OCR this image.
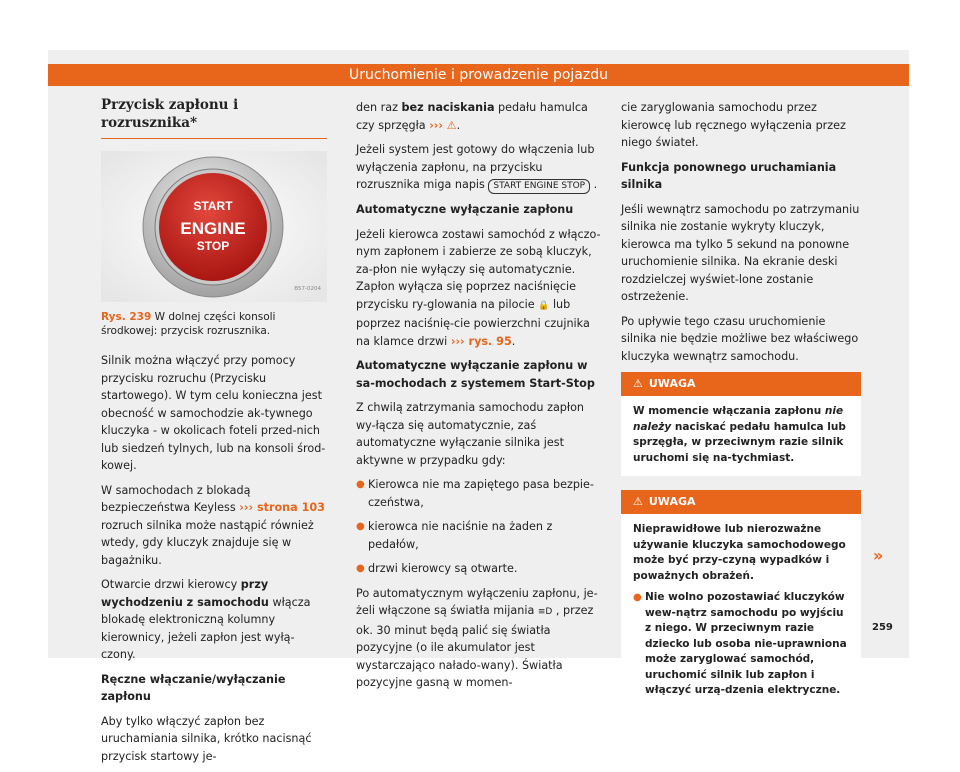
Uruchomienie i prowadzenie pojazdu
Przycisk zapłonu i rozrusznika*
START
ENGINE
STOP
B57-0204

Rys. 239 W dolnej części konsoli środkowej: przycisk rozrusznika.

Silnik można włączyć przy pomocy przycisku rozruchu (Przycisku startowego). W tym celu konieczna jest obecność w samochodzie ak-tywnego kluczyka - w okolicach foteli przed-nich lub siedzeń tylnych, lub na konsoli środ-kowej.

W samochodach z blokadą bezpieczeństwa Keyless ››› strona 103 rozruch silnika może nastąpić również wtedy, gdy kluczyk znajduje się w bagażniku.

Otwarcie drzwi kierowcy przy wychodzeniu z samochodu włącza blokadę elektroniczną kolumny kierownicy, jeżeli zapłon jest wyłą-czony.

Ręczne włączanie/wyłączanie zapłonu

Aby tylko włączyć zapłon bez uruchamiania silnika, krótko nacisnąć przycisk startowy je-

den raz bez naciskania pedału hamulca czy sprzęgła ››› ⚠.

Jeżeli system jest gotowy do włączenia lub wyłączenia zapłonu, na przycisku rozrusznika miga napis START ENGINE STOP .

Automatyczne wyłączanie zapłonu

Jeżeli kierowca zostawi samochód z włączo-nym zapłonem i zabierze ze sobą kluczyk, za-płon nie wyłączy się automatycznie. Zapłon wyłącza się poprzez naciśnięcie przycisku ry-glowania na pilocie 🔒 lub poprzez naciśnię-cie powierzchni czujnika na klamce drzwi ››› rys. 95.

Automatyczne wyłączanie zapłonu w sa-mochodach z systemem Start-Stop

Z chwilą zatrzymania samochodu zapłon wy-łącza się automatycznie, zaś automatyczne wyłączanie silnika jest aktywne w przypadku gdy:

● Kierowca nie ma zapiętego pasa bezpie-czeństwa,
● kierowca nie naciśnie na żaden z pedałów,
● drzwi kierowcy są otwarte.

Po automatycznym wyłączeniu zapłonu, je-żeli włączone są światła mijania ≡D , przez ok. 30 minut będą palić się światła pozycyjne (o ile akumulator jest wystarczająco nałado-wany). Światła pozycyjne gasną w momen-

cie zaryglowania samochodu przez kierowcę lub ręcznego wyłączenia przez niego świateł.

Funkcja ponownego uruchamiania silnika

Jeśli wewnątrz samochodu po zatrzymaniu silnika nie zostanie wykryty kluczyk, kierowca ma tylko 5 sekund na ponowne uruchomienie silnika. Na ekranie deski rozdzielczej wyświet-lone zostanie ostrzeżenie.

Po upływie tego czasu uruchomienie silnika nie będzie możliwe bez właściwego kluczyka wewnątrz samochodu.

⚠ UWAGA
W momencie włączania zapłonu nie należy naciskać pedału hamulca lub sprzęgła, w przeciwnym razie silnik uruchomi się na-tychmiast.
⚠ UWAGA
Nieprawidłowe lub nierozważne używanie kluczyka samochodowego może być przy-czyną wypadków i poważnych obrażeń.
● Nie wolno pozostawiać kluczyków wew-nątrz samochodu po wyjściu z niego. W przeciwnym razie dziecko lub osoba nie-uprawniona może zaryglować samochód, uruchomić silnik lub zapłon i włączyć urzą-dzenia elektryczne.
»
259
